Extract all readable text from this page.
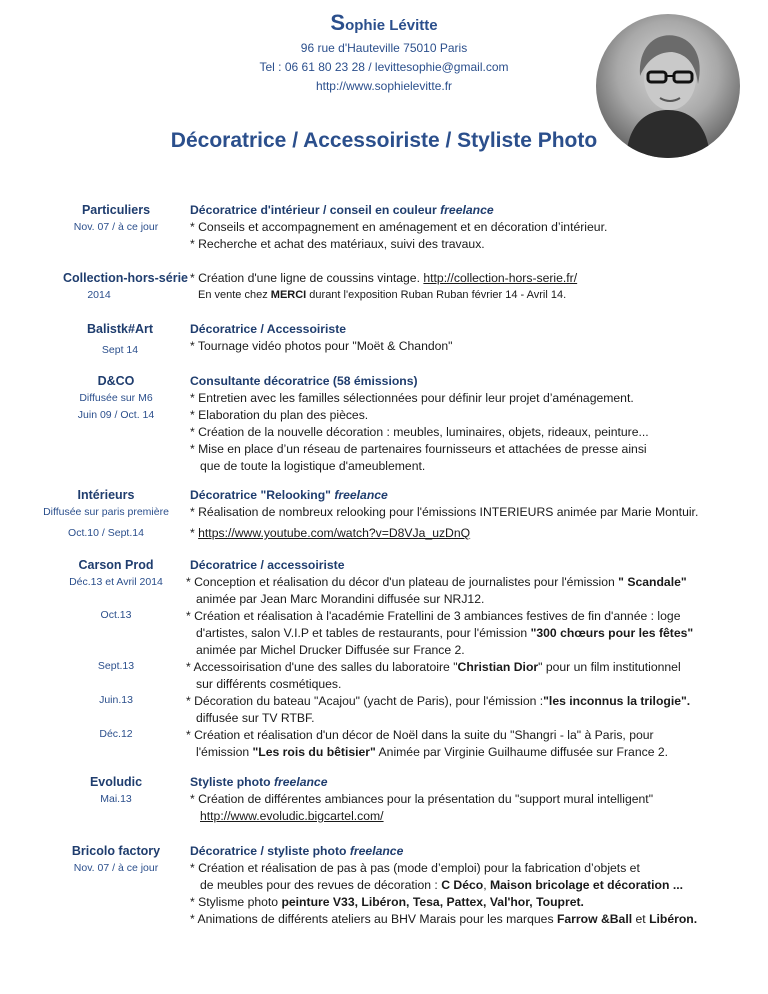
Sophie Lévitte
96 rue d'Hauteville 75010 Paris
Tel : 06 61 80 23 28 / levittesophie@gmail.com
http://www.sophielevitte.fr
Décoratrice / Accessoiriste / Styliste Photo
Particuliers
Nov. 07 / à ce jour
Décoratrice d'intérieur / conseil en couleur freelance
* Conseils et accompagnement en aménagement et en décoration d’intérieur.
* Recherche et achat des matériaux, suivi des travaux.
Collection-hors-série
2014
* Création d'une ligne de coussins vintage. http://collection-hors-serie.fr/
En vente chez MERCI durant l'exposition Ruban Ruban février 14 - Avril 14.
Balistk#Art
Sept 14
Décoratrice / Accessoiriste
* Tournage vidéo photos pour "Moët & Chandon"
D&CO
Diffusée sur M6
Juin 09 / Oct. 14
Consultante décoratrice (58 émissions)
* Entretien avec les familles sélectionnées pour définir leur projet d’aménagement.
* Elaboration du plan des pièces.
* Création de la nouvelle décoration : meubles, luminaires, objets, rideaux, peinture...
* Mise en place d’un réseau de partenaires fournisseurs et attachées de presse ainsi
que de toute la logistique d'ameublement.
Intérieurs
Diffusée sur paris première
Oct.10 / Sept.14
Décoratrice "Relooking" freelance
* Réalisation de nombreux relooking pour l'émissions INTERIEURS animée par Marie Montuir.
* https://www.youtube.com/watch?v=D8VJa_uzDnQ
Carson Prod
Déc.13 et Avril 2014
Oct.13
Sept.13
Juin.13
Déc.12
Décoratrice / accessoiriste
* Conception et réalisation du décor d'un plateau de journalistes pour l'émission " Scandale"
animée par Jean Marc Morandini diffusée sur NRJ12.
* Création et réalisation à l'académie Fratellini de 3 ambiances festives de fin d'année : loge
d'artistes, salon V.I.P et tables de restaurants, pour l'émission "300 chœurs pour les fêtes"
animée par Michel Drucker Diffusée sur France 2.
* Accessoirisation d'une des salles du laboratoire "Christian Dior" pour un film institutionnel
sur différents cosmétiques.
* Décoration du bateau "Acajou" (yacht de Paris), pour l'émission :"les inconnus la trilogie".
diffusée sur TV RTBF.
* Création et réalisation d'un décor de Noël dans la suite du "Shangri - la" à Paris, pour
l'émission "Les rois du bêtisier" Animée par Virginie Guilhaume diffusée sur France 2.
Evoludic
Mai.13
Styliste photo freelance
* Création de différentes ambiances pour la présentation du "support mural intelligent"
http://www.evoludic.bigcartel.com/
Bricolo factory
Nov. 07 / à ce jour
Décoratrice / styliste photo freelance
* Création et réalisation de pas à pas (mode d’emploi) pour la fabrication d’objets et
de meubles pour des revues de décoration : C Déco, Maison bricolage et décoration ...
* Stylisme photo peinture V33, Libéron, Tesa, Pattex, Val'hor, Toupret.
* Animations de différents ateliers au BHV Marais pour les marques Farrow &Ball et Libéron.
